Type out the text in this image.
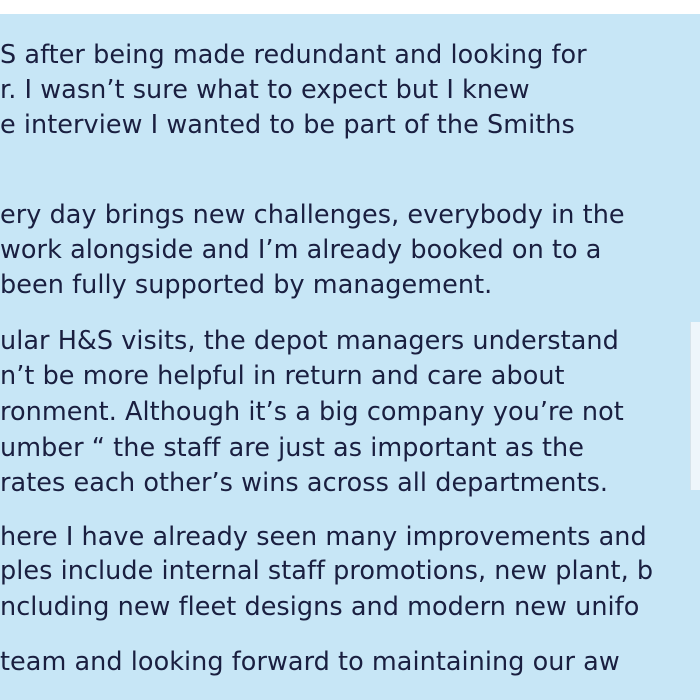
S after being made redundant and looking for
r. I wasn’t sure what to expect but I knew
e interview I wanted to be part of the Smiths
ery day brings new challenges, everybody in the
work alongside and I’m already booked on to a
been fully supported by management.
ular H&S visits, the depot managers understand
n’t be more helpful in return and care about
ronment. Although it’s a big company you’re not
umber “ the staff are just as important as the
rates each other’s wins across all departments.
here I have already seen many improvements and
ples include internal staff promotions, new plant, b
ncluding new fleet designs and modern new unifo
team and looking forward to maintaining our aw
